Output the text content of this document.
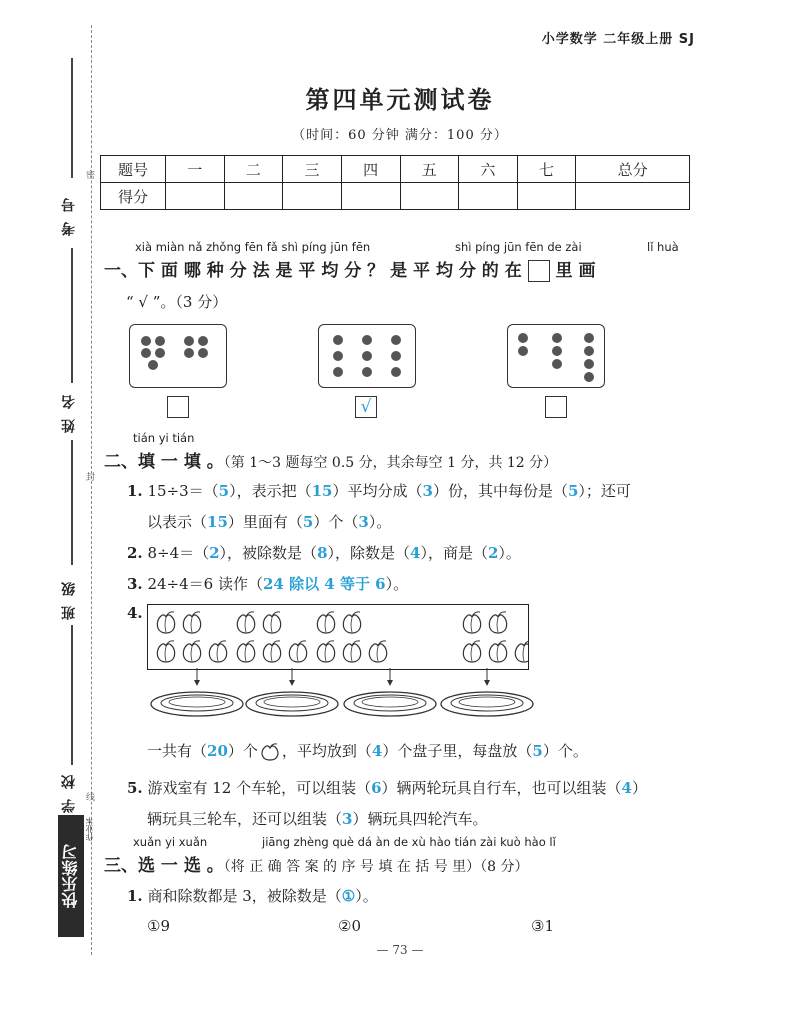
小学数学 二年级上册 SJ
第四单元测试卷
（时间：60 分钟 满分：100 分）
题号	一	二	三	四	五	六	七	总分
得分								
密
封
线
考号
姓名
班级
学校
快乐练习
作业本
xià miàn nǎ zhǒng fēn fǎ shì píng jūn fēn	shì píng jūn fēn de zài	lǐ huà
一、下 面 哪 种 分 法 是 平 均 分 ？ 是 平 均 分 的 在 里 画
“ √ ”。（3 分）
√
tián yi tián
二、填 一 填 。（第 1～3 题每空 0.5 分，其余每空 1 分，共 12 分）
1. 15÷3＝（5），表示把（15）平均分成（3）份，其中每份是（5）；还可
以表示（15）里面有（5）个（3）。
2. 8÷4＝（2），被除数是（8），除数是（4），商是（2）。
3. 24÷4＝6 读作（24 除以 4 等于 6）。
4.
一共有（20）个 ，平均放到（4）个盘子里，每盘放（5）个。
5. 游戏室有 12 个车轮，可以组装（6）辆两轮玩具自行车，也可以组装（4）
辆玩具三轮车，还可以组装（3）辆玩具四轮汽车。
xuǎn yi xuǎn	jiāng zhèng què dá àn de xù hào tián zài kuò hào lǐ
三、选 一 选 。（将 正 确 答 案 的 序 号 填 在 括 号 里）（8 分）
1. 商和除数都是 3，被除数是（①）。
①9	②0	③1
— 73 —
